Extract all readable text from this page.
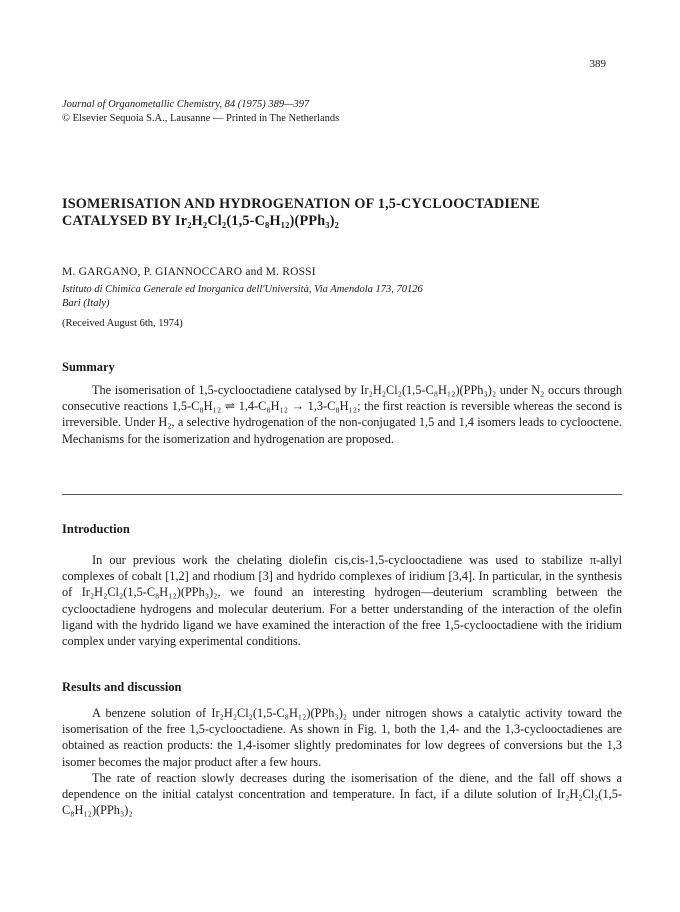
389
Journal of Organometallic Chemistry, 84 (1975) 389—397
© Elsevier Sequoia S.A., Lausanne — Printed in The Netherlands
ISOMERISATION AND HYDROGENATION OF 1,5-CYCLOOCTADIENE
CATALYSED BY Ir₂H₂Cl₂(1,5-C₈H₁₂)(PPh₃)₂
M. GARGANO, P. GIANNOCCARO and M. ROSSI
Istituto di Chimica Generale ed Inorganica dell'Università, Via Amendola 173, 70126
Bari (Italy)
(Received August 6th, 1974)
Summary

The isomerisation of 1,5-cyclooctadiene catalysed by Ir₂H₂Cl₂(1,5-C₈H₁₂)(PPh₃)₂ under N₂ occurs through consecutive reactions 1,5-C₈H₁₂ ⇌ 1,4-C₈H₁₂ → 1,3-C₈H₁₂; the first reaction is reversible whereas the second is irreversible. Under H₂, a selective hydrogenation of the non-conjugated 1,5 and 1,4 isomers leads to cyclooctene. Mechanisms for the isomerization and hydrogenation are proposed.

Introduction

In our previous work the chelating diolefin cis,cis-1,5-cyclooctadiene was used to stabilize π-allyl complexes of cobalt [1,2] and rhodium [3] and hydrido complexes of iridium [3,4]. In particular, in the synthesis of Ir₂H₂Cl₂(1,5-C₈H₁₂)(PPh₃)₂, we found an interesting hydrogen—deuterium scrambling between the cyclooctadiene hydrogens and molecular deuterium. For a better understanding of the interaction of the olefin ligand with the hydrido ligand we have examined the interaction of the free 1,5-cyclooctadiene with the iridium complex under varying experimental conditions.

Results and discussion

A benzene solution of Ir₂H₂Cl₂(1,5-C₈H₁₂)(PPh₃)₂ under nitrogen shows a catalytic activity toward the isomerisation of the free 1,5-cyclooctadiene. As shown in Fig. 1, both the 1,4- and the 1,3-cyclooctadienes are obtained as reaction products: the 1,4-isomer slightly predominates for low degrees of conversions but the 1,3 isomer becomes the major product after a few hours.

The rate of reaction slowly decreases during the isomerisation of the diene, and the fall off shows a dependence on the initial catalyst concentration and temperature. In fact, if a dilute solution of Ir₂H₂Cl₂(1,5-C₈H₁₂)(PPh₃)₂
